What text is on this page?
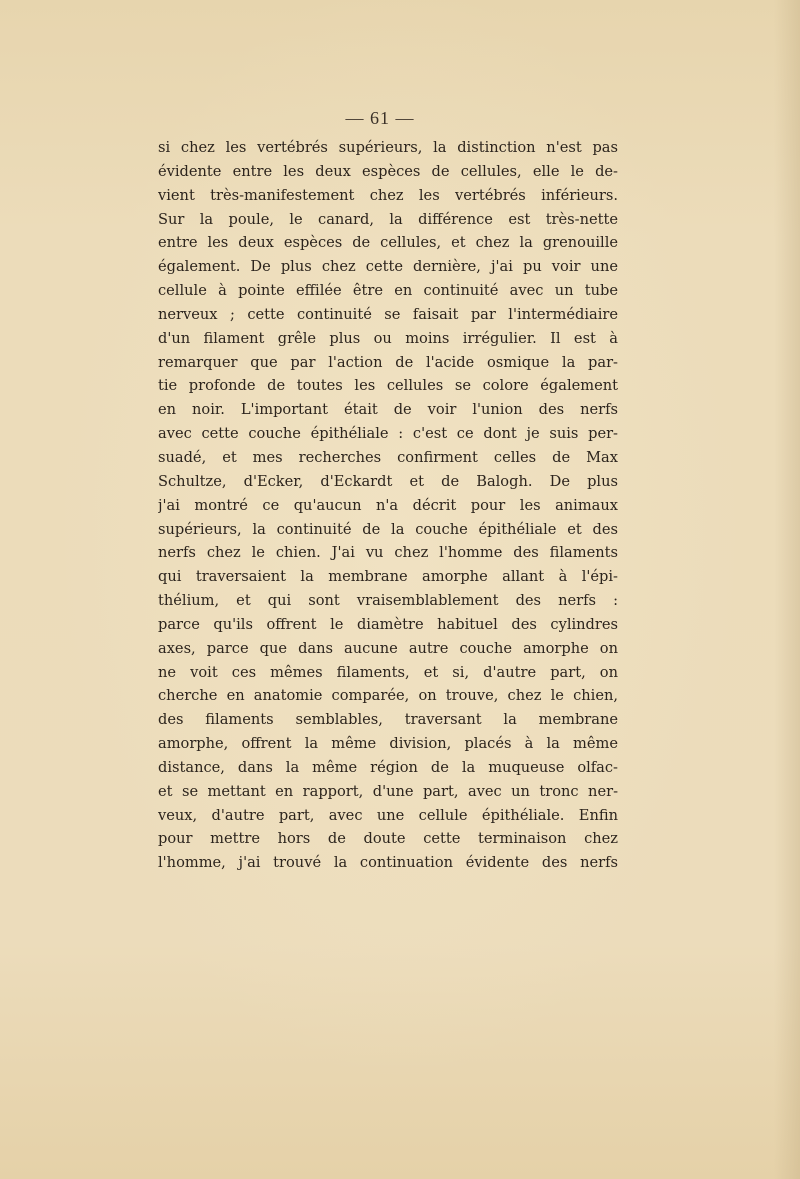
— 61 —
si chez les vertébrés supérieurs, la distinction n'est pas
évidente entre les deux espèces de cellules, elle le de-
vient très-manifestement chez les vertébrés inférieurs.
Sur la poule, le canard, la différence est très-nette
entre les deux espèces de cellules, et chez la grenouille
également. De plus chez cette dernière, j'ai pu voir une
cellule à pointe effilée être en continuité avec un tube
nerveux ; cette continuité se faisait par l'intermédiaire
d'un filament grêle plus ou moins irrégulier. Il est à
remarquer que par l'action de l'acide osmique la par-
tie profonde de toutes les cellules se colore également
en noir. L'important était de voir l'union des nerfs
avec cette couche épithéliale : c'est ce dont je suis per-
suadé, et mes recherches confirment celles de Max
Schultze, d'Ecker, d'Eckardt et de Balogh. De plus
j'ai montré ce qu'aucun n'a décrit pour les animaux
supérieurs, la continuité de la couche épithéliale et des
nerfs chez le chien. J'ai vu chez l'homme des filaments
qui traversaient la membrane amorphe allant à l'épi-
thélium, et qui sont vraisemblablement des nerfs :
parce qu'ils offrent le diamètre habituel des cylindres
axes, parce que dans aucune autre couche amorphe on
ne voit ces mêmes filaments, et si, d'autre part, on
cherche en anatomie comparée, on trouve, chez le chien,
des filaments semblables, traversant la membrane
amorphe, offrent la même division, placés à la même
distance, dans la même région de la muqueuse olfac-
et se mettant en rapport, d'une part, avec un tronc ner-
veux, d'autre part, avec une cellule épithéliale. Enfin
pour mettre hors de doute cette terminaison chez
l'homme, j'ai trouvé la continuation évidente des nerfs
